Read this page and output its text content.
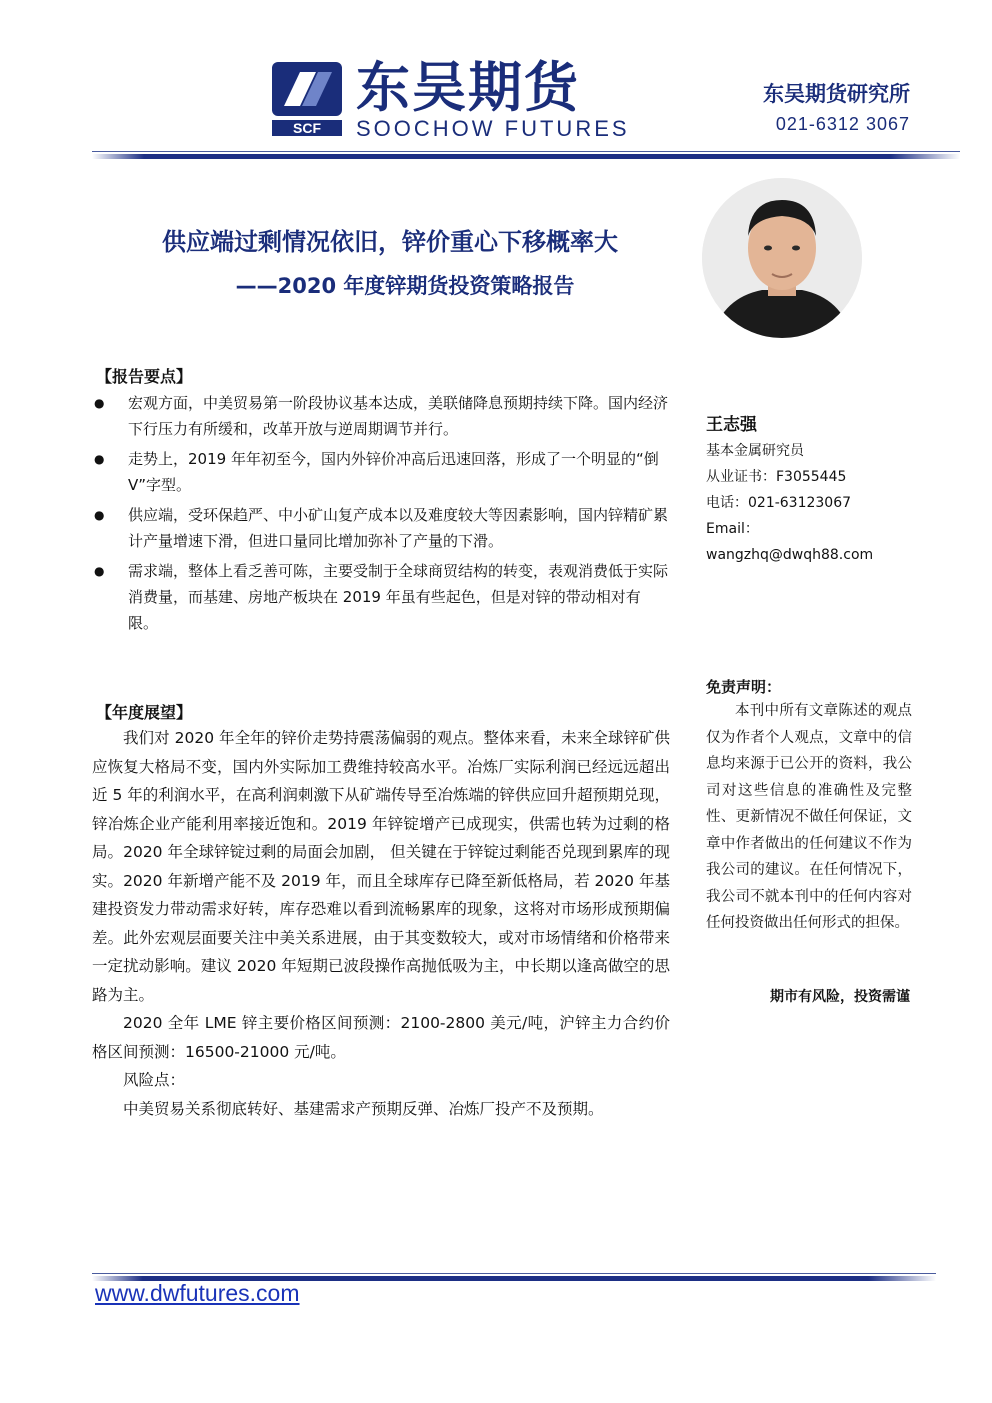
SCF
东吴期货
SOOCHOW FUTURES
东吴期货研究所
021-6312 3067
供应端过剩情况依旧，锌价重心下移概率大
——2020 年度锌期货投资策略报告
【报告要点】
● 宏观方面，中美贸易第一阶段协议基本达成，美联储降息预期持续下降。国内经济下行压力有所缓和，改革开放与逆周期调节并行。
● 走势上，2019 年年初至今，国内外锌价冲高后迅速回落，形成了一个明显的“倒 V”字型。
● 供应端，受环保趋严、中小矿山复产成本以及难度较大等因素影响，国内锌精矿累计产量增速下滑，但进口量同比增加弥补了产量的下滑。
● 需求端，整体上看乏善可陈，主要受制于全球商贸结构的转变，表观消费低于实际消费量，而基建、房地产板块在 2019 年虽有些起色，但是对锌的带动相对有限。
【年度展望】

我们对 2020 年全年的锌价走势持震荡偏弱的观点。整体来看，未来全球锌矿供应恢复大格局不变，国内外实际加工费维持较高水平。冶炼厂实际利润已经远远超出近 5 年的利润水平，在高利润刺激下从矿端传导至冶炼端的锌供应回升超预期兑现，锌冶炼企业产能利用率接近饱和。2019 年锌锭增产已成现实，供需也转为过剩的格局。2020 年全球锌锭过剩的局面会加剧， 但关键在于锌锭过剩能否兑现到累库的现实。2020 年新增产能不及 2019 年，而且全球库存已降至新低格局，若 2020 年基建投资发力带动需求好转，库存恐难以看到流畅累库的现象，这将对市场形成预期偏差。此外宏观层面要关注中美关系进展，由于其变数较大，或对市场情绪和价格带来一定扰动影响。建议 2020 年短期已波段操作高抛低吸为主，中长期以逢高做空的思路为主。

2020 全年 LME 锌主要价格区间预测：2100-2800 美元/吨，沪锌主力合约价格区间预测：16500-21000 元/吨。

风险点：

中美贸易关系彻底转好、基建需求产预期反弹、冶炼厂投产不及预期。

王志强
基本金属研究员
从业证书：F3055445
电话：021-63123067
Email：
wangzhq@dwqh88.com
免责声明：
本刊中所有文章陈述的观点仅为作者个人观点，文章中的信息均来源于已公开的资料，我公司对这些信息的准确性及完整性、更新情况不做任何保证，文章中作者做出的任何建议不作为我公司的建议。在任何情况下，我公司不就本刊中的任何内容对任何投资做出任何形式的担保。
期市有风险，投资需谨
www.dwfutures.com
